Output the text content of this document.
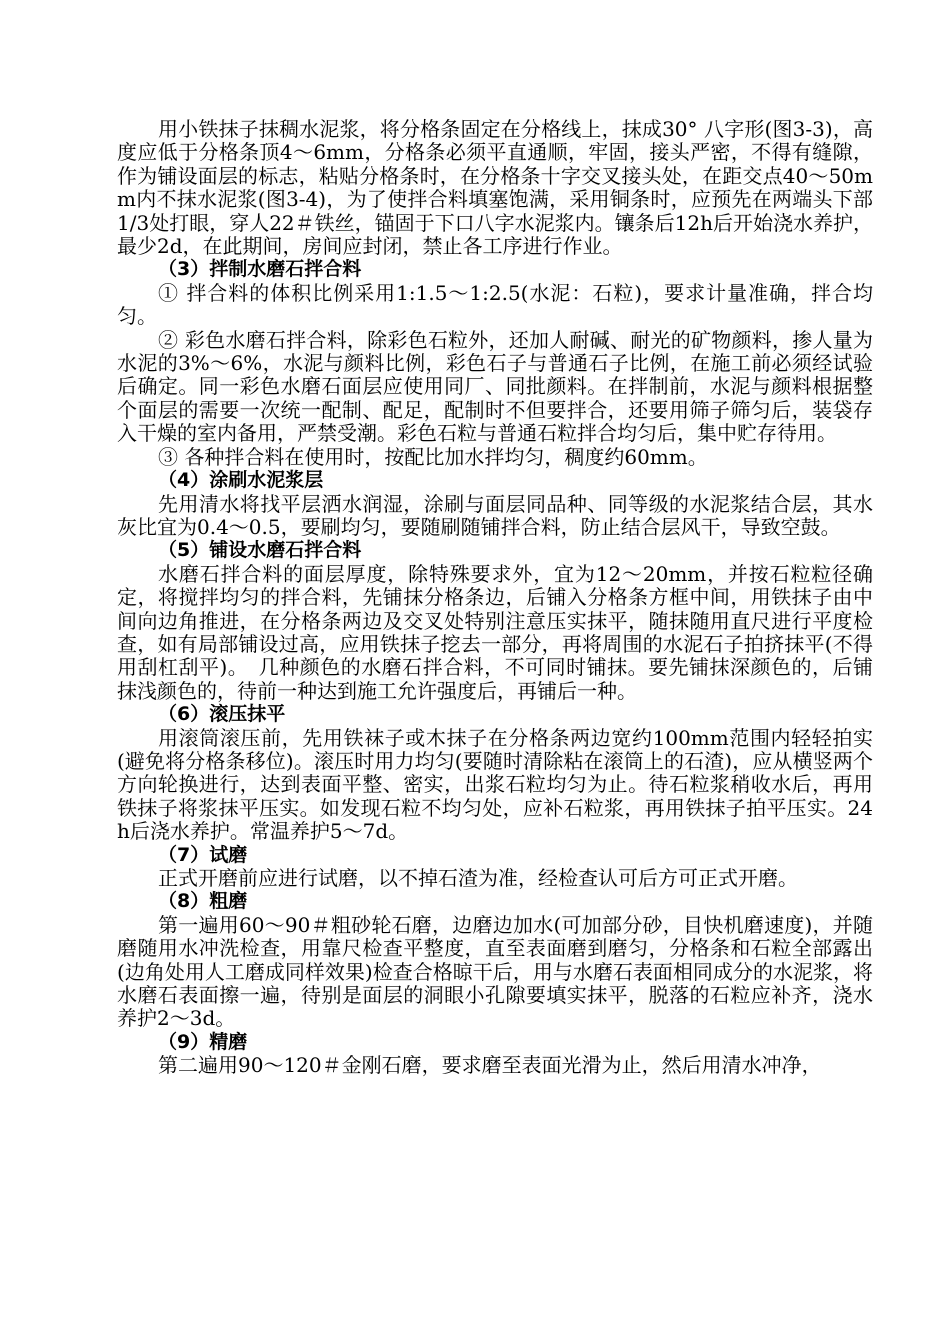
用小铁抹子抹稠水泥浆，将分格条固定在分格线上，抹成30° 八字形(图3-3)，高度应低于分格条顶4～6mm，分格条必须平直通顺，牢固，接头严密，不得有缝隙，作为铺设面层的标志，粘贴分格条时，在分格条十字交叉接头处，在距交点40～50mm内不抹水泥浆(图3-4)，为了使拌合料填塞饱满，采用铜条时，应预先在两端头下部1/3处打眼，穿人22＃铁丝，锚固于下口八字水泥浆内。镶条后12h后开始浇水养护，最少2d，在此期间，房间应封闭，禁止各工序进行作业。

（3）拌制水磨石拌合料

① 拌合料的体积比例采用1:1.5～1:2.5(水泥：石粒)，要求计量准确，拌合均匀。

② 彩色水磨石拌合料，除彩色石粒外，还加人耐碱、耐光的矿物颜料，掺人量为水泥的3%～6%，水泥与颜料比例，彩色石子与普通石子比例，在施工前必须经试验后确定。同一彩色水磨石面层应使用同厂、同批颜料。在拌制前，水泥与颜料根据整个面层的需要一次统一配制、配足，配制时不但要拌合，还要用筛子筛匀后，装袋存入干燥的室内备用，严禁受潮。彩色石粒与普通石粒拌合均匀后，集中贮存待用。

③ 各种拌合料在使用时，按配比加水拌均匀，稠度约60mm。

（4）涂刷水泥浆层

先用清水将找平层洒水润湿，涂刷与面层同品种、同等级的水泥浆结合层，其水灰比宜为0.4～0.5，要刷均匀，要随刷随铺拌合料，防止结合层风干，导致空鼓。

（5）铺设水磨石拌合料

水磨石拌合料的面层厚度，除特殊要求外，宜为12～20mm，并按石粒粒径确定，将搅拌均匀的拌合料，先铺抹分格条边，后铺入分格条方框中间，用铁抹子由中间向边角推进，在分格条两边及交叉处特别注意压实抹平，随抹随用直尺进行平度检查，如有局部铺设过高，应用铁抹子挖去一部分，再将周围的水泥石子拍挤抹平(不得用刮杠刮平)。　几种颜色的水磨石拌合料，不可同时铺抹。要先铺抹深颜色的，后铺抹浅颜色的，待前一种达到施工允许强度后，再铺后一种。

（6）滚压抹平

用滚筒滚压前，先用铁袜子或木抹子在分格条两边宽约100mm范围内轻轻拍实(避免将分格条移位)。滚压时用力均匀(要随时清除粘在滚筒上的石渣)，应从横竖两个方向轮换进行，达到表面平整、密实，出浆石粒均匀为止。待石粒浆稍收水后，再用铁抹子将浆抹平压实。如发现石粒不均匀处，应补石粒浆，再用铁抹子拍平压实。24h后浇水养护。常温养护5～7d。

（7）试磨

正式开磨前应进行试磨，以不掉石渣为准，经检查认可后方可正式开磨。

（8）粗磨

第一遍用60～90＃粗砂轮石磨，边磨边加水(可加部分砂，目快机磨速度)，并随磨随用水冲洗检查，用靠尺检查平整度，直至表面磨到磨匀，分格条和石粒全部露出(边角处用人工磨成同样效果)检查合格晾干后，用与水磨石表面相同成分的水泥浆，将水磨石表面擦一遍，待别是面层的洞眼小孔隙要填实抹平，脱落的石粒应补齐，浇水养护2～3d。

（9）精磨

第二遍用90～120＃金刚石磨，要求磨至表面光滑为止，然后用清水冲净，
